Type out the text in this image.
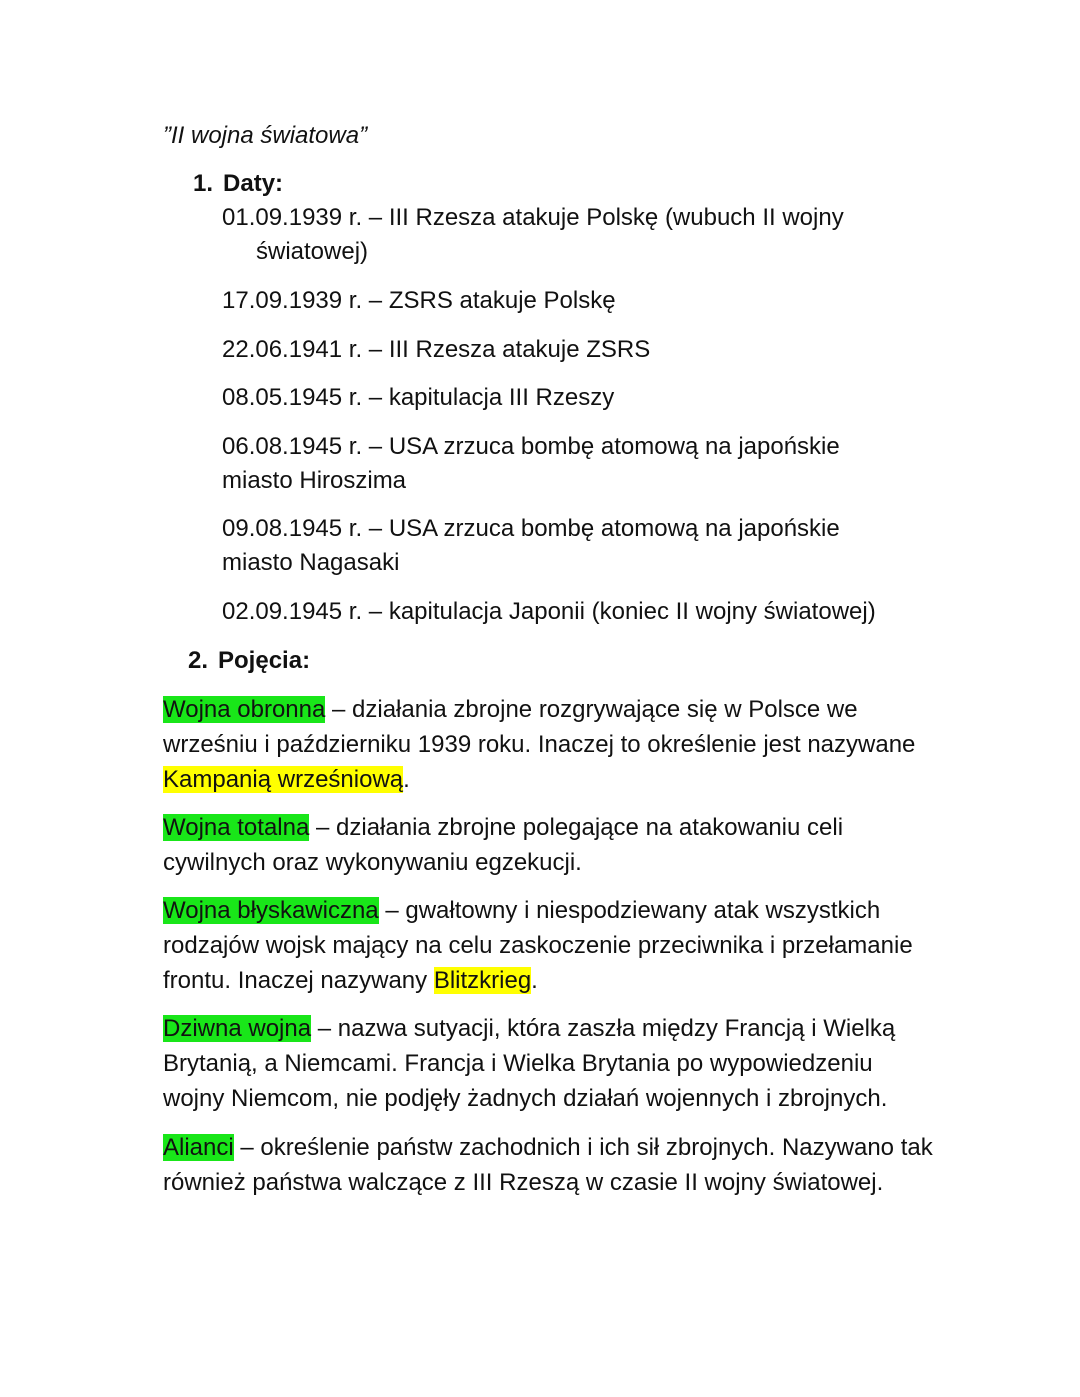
”II wojna światowa”
1. Daty:
01.09.1939 r. – III Rzesza atakuje Polskę (wubuch II wojny światowej)
17.09.1939 r. – ZSRS atakuje Polskę
22.06.1941 r. – III Rzesza atakuje ZSRS
08.05.1945 r. – kapitulacja III Rzeszy
06.08.1945 r. – USA zrzuca bombę atomową na japońskie miasto Hiroszima
09.08.1945 r. – USA zrzuca bombę atomową na japońskie miasto Nagasaki
02.09.1945 r. – kapitulacja Japonii (koniec II wojny światowej)
2. Pojęcia:
Wojna obronna – działania zbrojne rozgrywające się w Polsce we wrześniu i październiku 1939 roku. Inaczej to określenie jest nazywane Kampanią wrześniową.
Wojna totalna – działania zbrojne polegające na atakowaniu celi cywilnych oraz wykonywaniu egzekucji.
Wojna błyskawiczna – gwałtowny i niespodziewany atak wszystkich rodzajów wojsk mający na celu zaskoczenie przeciwnika i przełamanie frontu. Inaczej nazywany Blitzkrieg.
Dziwna wojna – nazwa sutyacji, która zaszła między Francją i Wielką Brytanią, a Niemcami. Francja i Wielka Brytania po wypowiedzeniu wojny Niemcom, nie podjęły żadnych działań wojennych i zbrojnych.
Alianci – określenie państw zachodnich i ich sił zbrojnych. Nazywano tak również państwa walczące z III Rzeszą w czasie II wojny światowej.
